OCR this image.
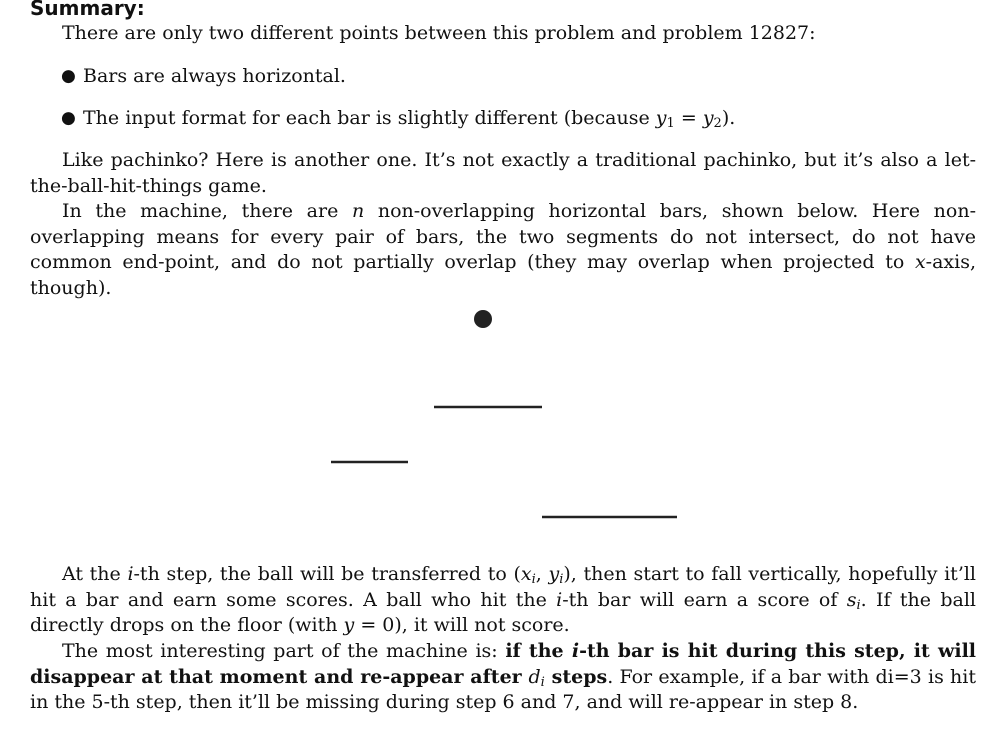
Summary:

There are only two different points between this problem and problem 12827:

● Bars are always horizontal.
● The input format for each bar is slightly different (because $y_1 = y_2$).

Like pachinko? Here is another one. It’s not exactly a traditional pachinko, but it’s also a let-the-ball-hit-things game.

In the machine, there are n non-overlapping horizontal bars, shown below. Here non-overlapping means for every pair of bars, the two segments do not intersect, do not have common end-point, and do not partially overlap (they may overlap when projected to x-axis, though).

At the i-th step, the ball will be transferred to ($x_i$, $y_i$), then start to fall vertically, hopefully it’ll hit a bar and earn some scores. A ball who hit the i-th bar will earn a score of $s_i$. If the ball directly drops on the floor (with y = 0), it will not score.

The most interesting part of the machine is: if the i-th bar is hit during this step, it will disappear at that moment and re-appear after $d_i$ steps. For example, if a bar with di=3 is hit in the 5-th step, then it’ll be missing during step 6 and 7, and will re-appear in step 8.
